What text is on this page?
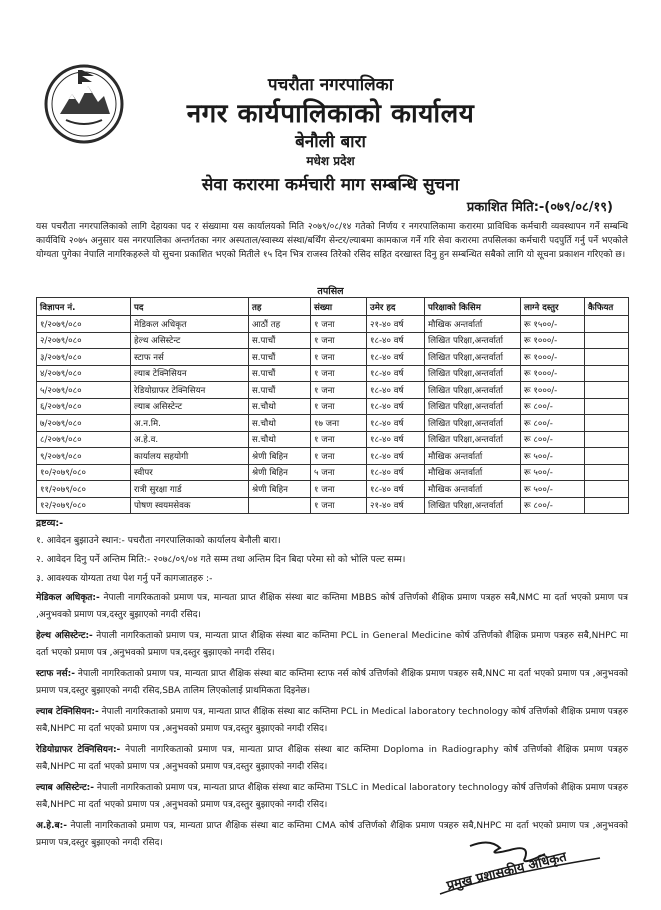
पचरौता नगरपालिका
नगर कार्यपालिकाको कार्यालय
बेनौली बारा
मधेश प्रदेश
सेवा करारमा कर्मचारी माग सम्बन्धि सुचना
प्रकाशित मिति:-(०७९/०८/१९)
यस पचरौता नगरपालिकाको लागि देहायका पद र संख्यामा यस कार्यालयको मिति २०७९/०८/१४ गतेको निर्णय र नगरपालिकामा करारमा प्राविधिक कर्मचारी व्यवस्थापन गर्ने सम्बन्धि कार्यविधि २०७५ अनुसार यस नगरपालिका अन्तर्गतका नगर अस्पताल/स्वास्थ्य संस्था/बर्थिंग सेन्टर/ल्याबमा कामकाज गर्ने गरि सेवा करारमा तपसिलका कर्मचारी पदपुर्ति गर्नु पर्ने भएकोले योग्यता पुगेका नेपालि नागरिकहरुले यो सुचना प्रकाशित भएको मितीले १५ दिन भित्र राजस्व तिरेको रसिद सहित दरखास्त दिनु हुन सम्बन्धित सबैको लागि यो सूचना प्रकाशन गरिएको छ।
तपसिल
विज्ञापन नं.	पद	तह	संख्या	उमेर हद	परिक्षाको किसिम	लाग्ने दस्तुर	कैफियत
१/२०७९/०८०	मेडिकल अधिकृत	आठौं तह	१ जना	२१-४० वर्ष	मौखिक अन्तर्वार्ता	रू १५००/-	
२/२०७९/०८०	हेल्थ असिस्टेन्ट	स.पाचौं	१ जना	१८-४० वर्ष	लिखित परिक्षा,अन्तर्वार्ता	रू १०००/-	
३/२०७९/०८०	स्टाफ नर्स	स.पाचौं	१ जना	१८-४० वर्ष	लिखित परिक्षा,अन्तर्वार्ता	रू १०००/-	
४/२०७९/०८०	ल्याब टेक्निसियन	स.पाचौं	१ जना	१८-४० वर्ष	लिखित परिक्षा,अन्तर्वार्ता	रू १०००/-	
५/२०७९/०८०	रेडियोग्राफर टेक्निसियन	स.पाचौं	१ जना	१८-४० वर्ष	लिखित परिक्षा,अन्तर्वार्ता	रू १०००/-	
६/२०७९/०८०	ल्याब असिस्टेन्ट	स.चौथो	१ जना	१८-४० वर्ष	लिखित परिक्षा,अन्तर्वार्ता	रू ८००/-	
७/२०७९/०८०	अ.न.मि.	स.चौथो	१७ जना	१८-४० वर्ष	लिखित परिक्षा,अन्तर्वार्ता	रू ८००/-	
८/२०७९/०८०	अ.हे.व.	स.चौथो	१ जना	१८-४० वर्ष	लिखित परिक्षा,अन्तर्वार्ता	रू ८००/-	
९/२०७९/०८०	कार्यालय सहयोगी	श्रेणी बिहिन	१ जना	१८-४० वर्ष	मौखिक अन्तर्वार्ता	रू ५००/-	
१०/२०७९/०८०	स्वीपर	श्रेणी बिहिन	५ जना	१८-४० वर्ष	मौखिक अन्तर्वार्ता	रू ५००/-	
११/२०७९/०८०	रात्री सुरक्षा गार्ड	श्रेणी बिहिन	१ जना	१८-४० वर्ष	मौखिक अन्तर्वार्ता	रू ५००/-	
१२/२०७९/०८०	पोषण स्वयमसेवक		१ जना	२१-४० वर्ष	लिखित परिक्षा,अन्तर्वार्ता	रू ८००/-	
द्रष्टव्य:-
१. आवेदन बुझाउने स्थान:- पचरौता नगरपालिकाको कार्यालय बेनौली बारा।
२. आवेदन दिनु पर्ने अन्तिम मिति:- २०७८/०९/०४ गते सम्म तथा अन्तिम दिन बिदा परेमा सो को भोलि पल्ट सम्म।
३. आवश्यक योग्यता तथा पेश गर्नु पर्ने कागजातहरु :-
मेडिकल अधिकृत:- नेपाली नागरिकताको प्रमाण पत्र, मान्यता प्राप्त शैक्षिक संस्था बाट कम्तिमा MBBS कोर्ष उत्तिर्णको शैक्षिक प्रमाण पत्रहरु सबै,NMC मा दर्ता भएको प्रमाण पत्र ,अनुभवको प्रमाण पत्र,दस्तुर बुझाएको नगदी रसिद।
हेल्थ असिस्टेन्ट:- नेपाली नागरिकताको प्रमाण पत्र, मान्यता प्राप्त शैक्षिक संस्था बाट कम्तिमा PCL in General Medicine कोर्ष उत्तिर्णको शैक्षिक प्रमाण पत्रहरु सबै,NHPC मा दर्ता भएको प्रमाण पत्र ,अनुभवको प्रमाण पत्र,दस्तुर बुझाएको नगदी रसिद।
स्टाफ नर्स:- नेपाली नागरिकताको प्रमाण पत्र, मान्यता प्राप्त शैक्षिक संस्था बाट कम्तिमा स्टाफ नर्स कोर्ष उत्तिर्णको शैक्षिक प्रमाण पत्रहरु सबै,NNC मा दर्ता भएको प्रमाण पत्र ,अनुभवको प्रमाण पत्र,दस्तुर बुझाएको नगदी रसिद,SBA तालिम लिएकोलाई प्राथमिकता दिइनेछ।
ल्याब टेक्निसियन:- नेपाली नागरिकताको प्रमाण पत्र, मान्यता प्राप्त शैक्षिक संस्था बाट कम्तिमा PCL in Medical laboratory technology कोर्ष उत्तिर्णको शैक्षिक प्रमाण पत्रहरु सबै,NHPC मा दर्ता भएको प्रमाण पत्र ,अनुभवको प्रमाण पत्र,दस्तुर बुझाएको नगदी रसिद।
रेडियोग्राफर टेक्निसियन:- नेपाली नागरिकताको प्रमाण पत्र, मान्यता प्राप्त शैक्षिक संस्था बाट कम्तिमा Doploma in Radiography कोर्ष उत्तिर्णको शैक्षिक प्रमाण पत्रहरु सबै,NHPC मा दर्ता भएको प्रमाण पत्र ,अनुभवको प्रमाण पत्र,दस्तुर बुझाएको नगदी रसिद।
ल्याब असिस्टेन्ट:- नेपाली नागरिकताको प्रमाण पत्र, मान्यता प्राप्त शैक्षिक संस्था बाट कम्तिमा TSLC in Medical laboratory technology कोर्ष उत्तिर्णको शैक्षिक प्रमाण पत्रहरु सबै,NHPC मा दर्ता भएको प्रमाण पत्र ,अनुभवको प्रमाण पत्र,दस्तुर बुझाएको नगदी रसिद।
अ.हे.ब:- नेपाली नागरिकताको प्रमाण पत्र, मान्यता प्राप्त शैक्षिक संस्था बाट कम्तिमा CMA कोर्ष उत्तिर्णको शैक्षिक प्रमाण पत्रहरु सबै,NHPC मा दर्ता भएको प्रमाण पत्र ,अनुभवको प्रमाण पत्र,दस्तुर बुझाएको नगदी रसिद।
प्रमुख प्रशासकीय अधिकृत
